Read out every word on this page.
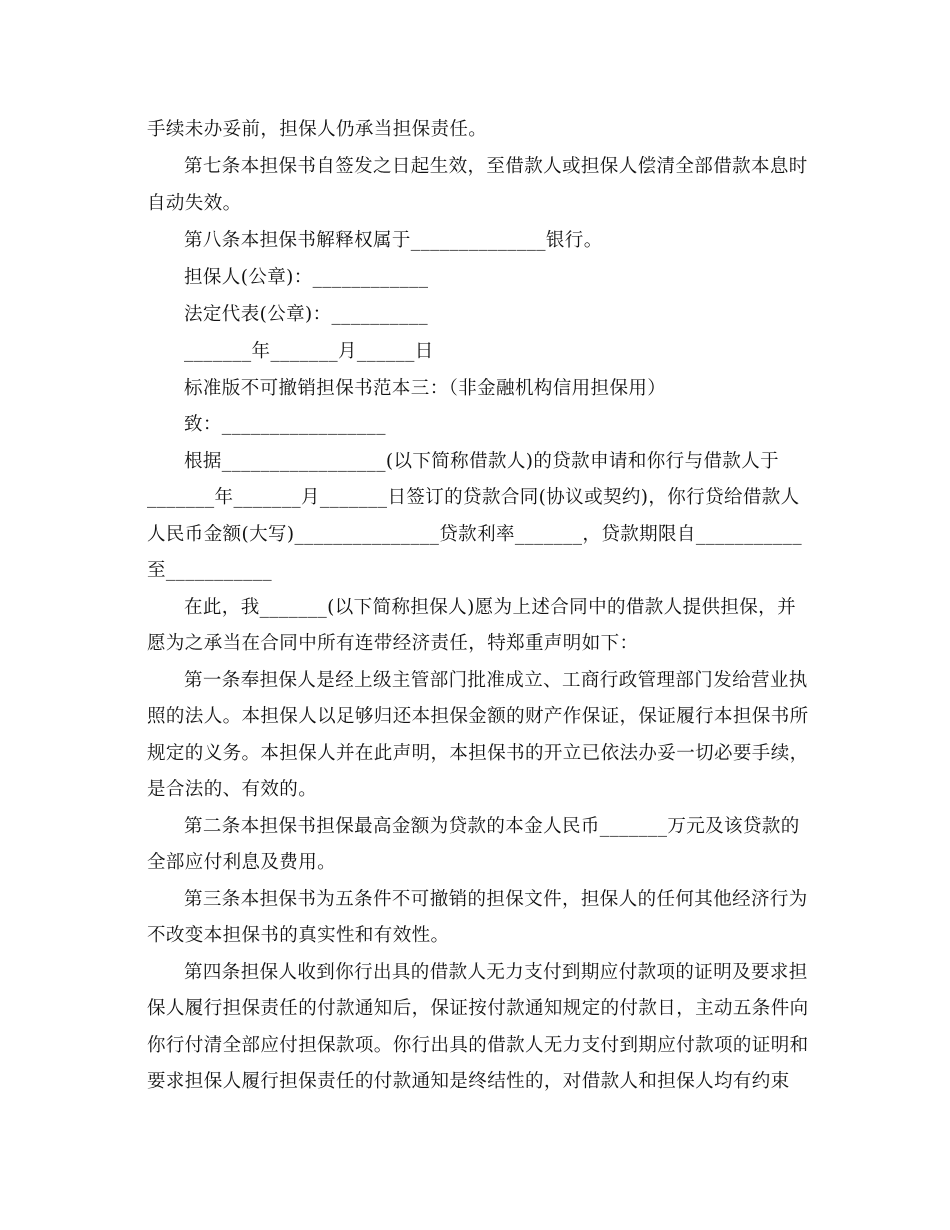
手续未办妥前，担保人仍承当担保责任。
第七条本担保书自签发之日起生效，至借款人或担保人偿清全部借款本息时
自动失效。
第八条本担保书解释权属于______________银行。
担保人(公章)：____________
法定代表(公章)：__________
_______年_______月______日
标准版不可撤销担保书范本三：（非金融机构信用担保用）
致：_________________
根据_________________(以下简称借款人)的贷款申请和你行与借款人于
_______年_______月_______日签订的贷款合同(协议或契约)，你行贷给借款人
人民币金额(大写)_______________贷款利率_______，贷款期限自___________
至___________
在此，我_______(以下简称担保人)愿为上述合同中的借款人提供担保，并
愿为之承当在合同中所有连带经济责任，特郑重声明如下：
第一条奉担保人是经上级主管部门批准成立、工商行政管理部门发给营业执
照的法人。本担保人以足够归还本担保金额的财产作保证，保证履行本担保书所
规定的义务。本担保人并在此声明，本担保书的开立已依法办妥一切必要手续，
是合法的、有效的。
第二条本担保书担保最高金额为贷款的本金人民币_______万元及该贷款的
全部应付利息及费用。
第三条本担保书为五条件不可撤销的担保文件，担保人的任何其他经济行为
不改变本担保书的真实性和有效性。
第四条担保人收到你行出具的借款人无力支付到期应付款项的证明及要求担
保人履行担保责任的付款通知后，保证按付款通知规定的付款日，主动五条件向
你行付清全部应付担保款项。你行出具的借款人无力支付到期应付款项的证明和
要求担保人履行担保责任的付款通知是终结性的，对借款人和担保人均有约束
